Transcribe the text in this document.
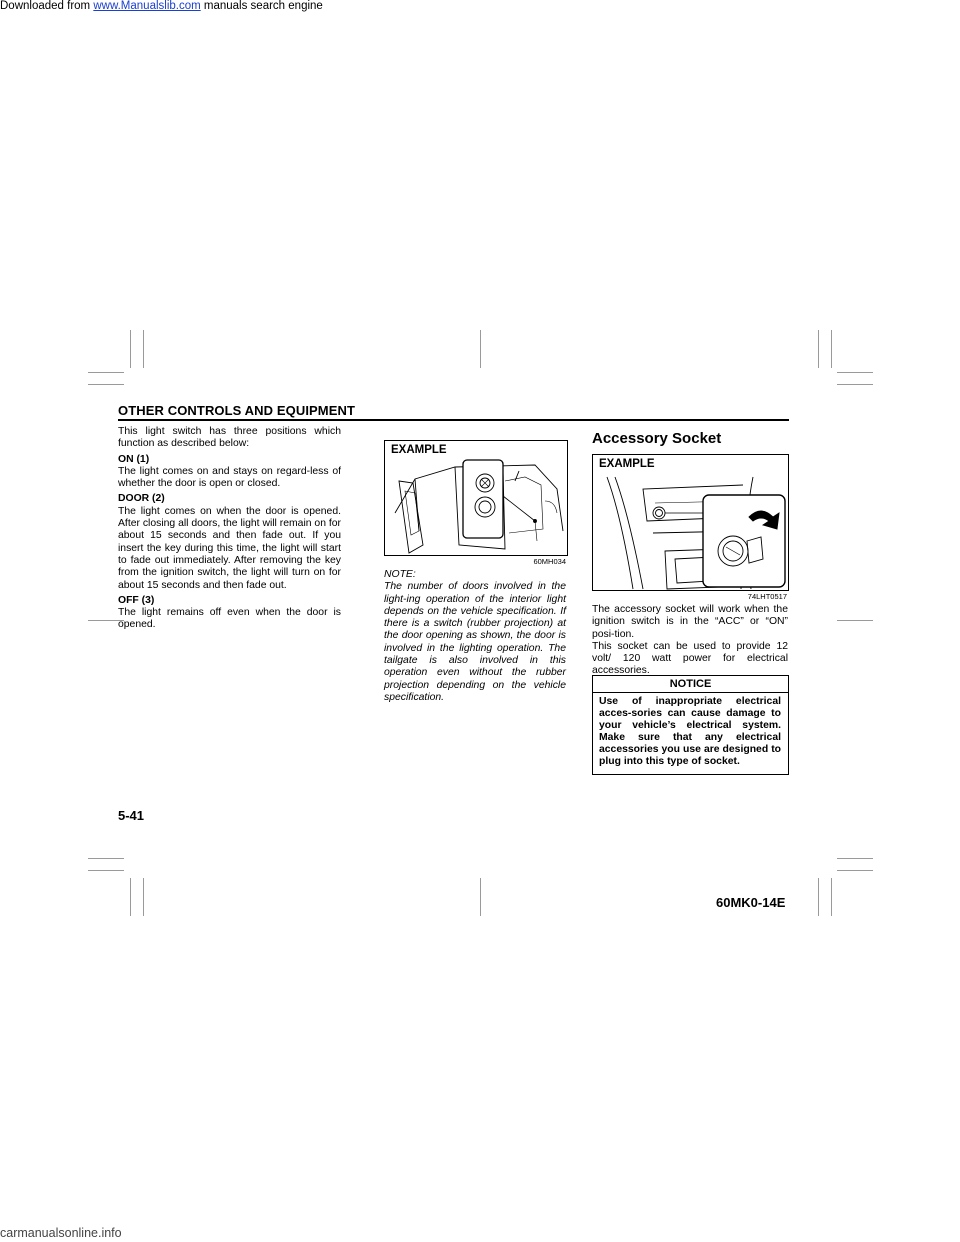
Downloaded from www.Manualslib.com manuals search engine
OTHER CONTROLS AND EQUIPMENT

This light switch has three positions which function as described below:

ON (1)

The light comes on and stays on regard-less of whether the door is open or closed.

DOOR (2)

The light comes on when the door is opened. After closing all doors, the light will remain on for about 15 seconds and then fade out. If you insert the key during this time, the light will start to fade out immediately. After removing the key from the ignition switch, the light will turn on for about 15 seconds and then fade out.

OFF (3)

The light remains off even when the door is opened.

EXAMPLE
60MH034

NOTE:

The number of doors involved in the light-ing operation of the interior light depends on the vehicle specification. If there is a switch (rubber projection) at the door opening as shown, the door is involved in the lighting operation. The tailgate is also involved in this operation even without the rubber projection depending on the vehicle specification.

Accessory Socket
EXAMPLE
74LHT0517

The accessory socket will work when the ignition switch is in the “ACC” or “ON” posi-tion.

This socket can be used to provide 12 volt/ 120 watt power for electrical accessories.

NOTICE
Use of inappropriate electrical acces-sories can cause damage to your vehicle’s electrical system. Make sure that any electrical accessories you use are designed to plug into this type of socket.
5-41
60MK0-14E
carmanualsonline.info
